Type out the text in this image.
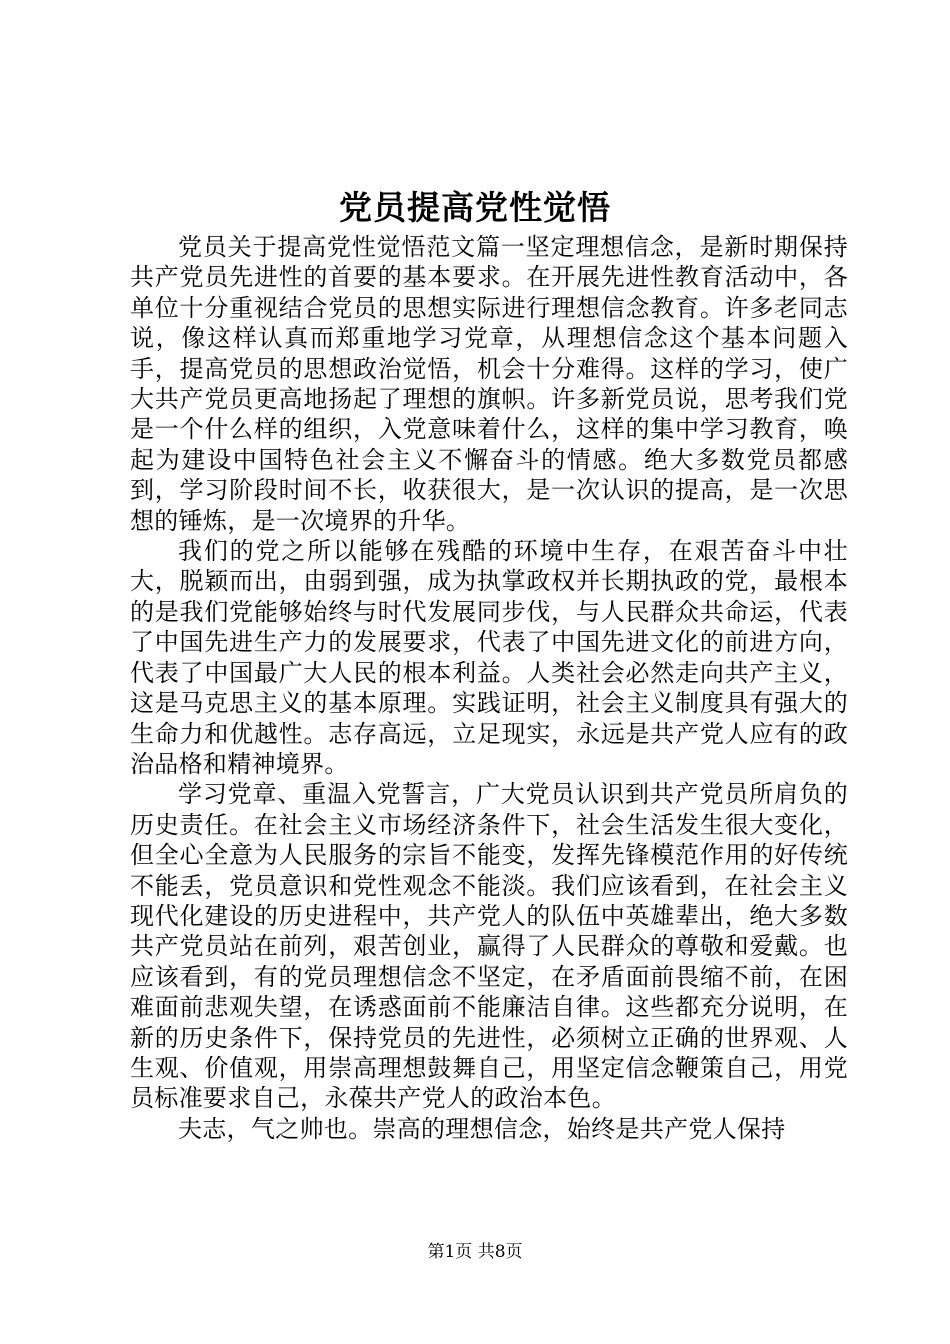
党员提高党性觉悟

党员关于提高党性觉悟范文篇一坚定理想信念，是新时期保持共产党员先进性的首要的基本要求。在开展先进性教育活动中，各单位十分重视结合党员的思想实际进行理想信念教育。许多老同志说，像这样认真而郑重地学习党章，从理想信念这个基本问题入手，提高党员的思想政治觉悟，机会十分难得。这样的学习，使广大共产党员更高地扬起了理想的旗帜。许多新党员说，思考我们党是一个什么样的组织，入党意味着什么，这样的集中学习教育，唤起为建设中国特色社会主义不懈奋斗的情感。绝大多数党员都感到，学习阶段时间不长，收获很大，是一次认识的提高，是一次思想的锤炼，是一次境界的升华。

我们的党之所以能够在残酷的环境中生存，在艰苦奋斗中壮大，脱颖而出，由弱到强，成为执掌政权并长期执政的党，最根本的是我们党能够始终与时代发展同步伐，与人民群众共命运，代表了中国先进生产力的发展要求，代表了中国先进文化的前进方向，代表了中国最广大人民的根本利益。人类社会必然走向共产主义，这是马克思主义的基本原理。实践证明，社会主义制度具有强大的生命力和优越性。志存高远，立足现实，永远是共产党人应有的政治品格和精神境界。

学习党章、重温入党誓言，广大党员认识到共产党员所肩负的历史责任。在社会主义市场经济条件下，社会生活发生很大变化，但全心全意为人民服务的宗旨不能变，发挥先锋模范作用的好传统不能丢，党员意识和党性观念不能淡。我们应该看到，在社会主义现代化建设的历史进程中，共产党人的队伍中英雄辈出，绝大多数共产党员站在前列，艰苦创业，赢得了人民群众的尊敬和爱戴。也应该看到，有的党员理想信念不坚定，在矛盾面前畏缩不前，在困难面前悲观失望，在诱惑面前不能廉洁自律。这些都充分说明，在新的历史条件下，保持党员的先进性，必须树立正确的世界观、人生观、价值观，用崇高理想鼓舞自己，用坚定信念鞭策自己，用党员标准要求自己，永葆共产党人的政治本色。

夫志，气之帅也。崇高的理想信念，始终是共产党人保持

第1页 共8页
